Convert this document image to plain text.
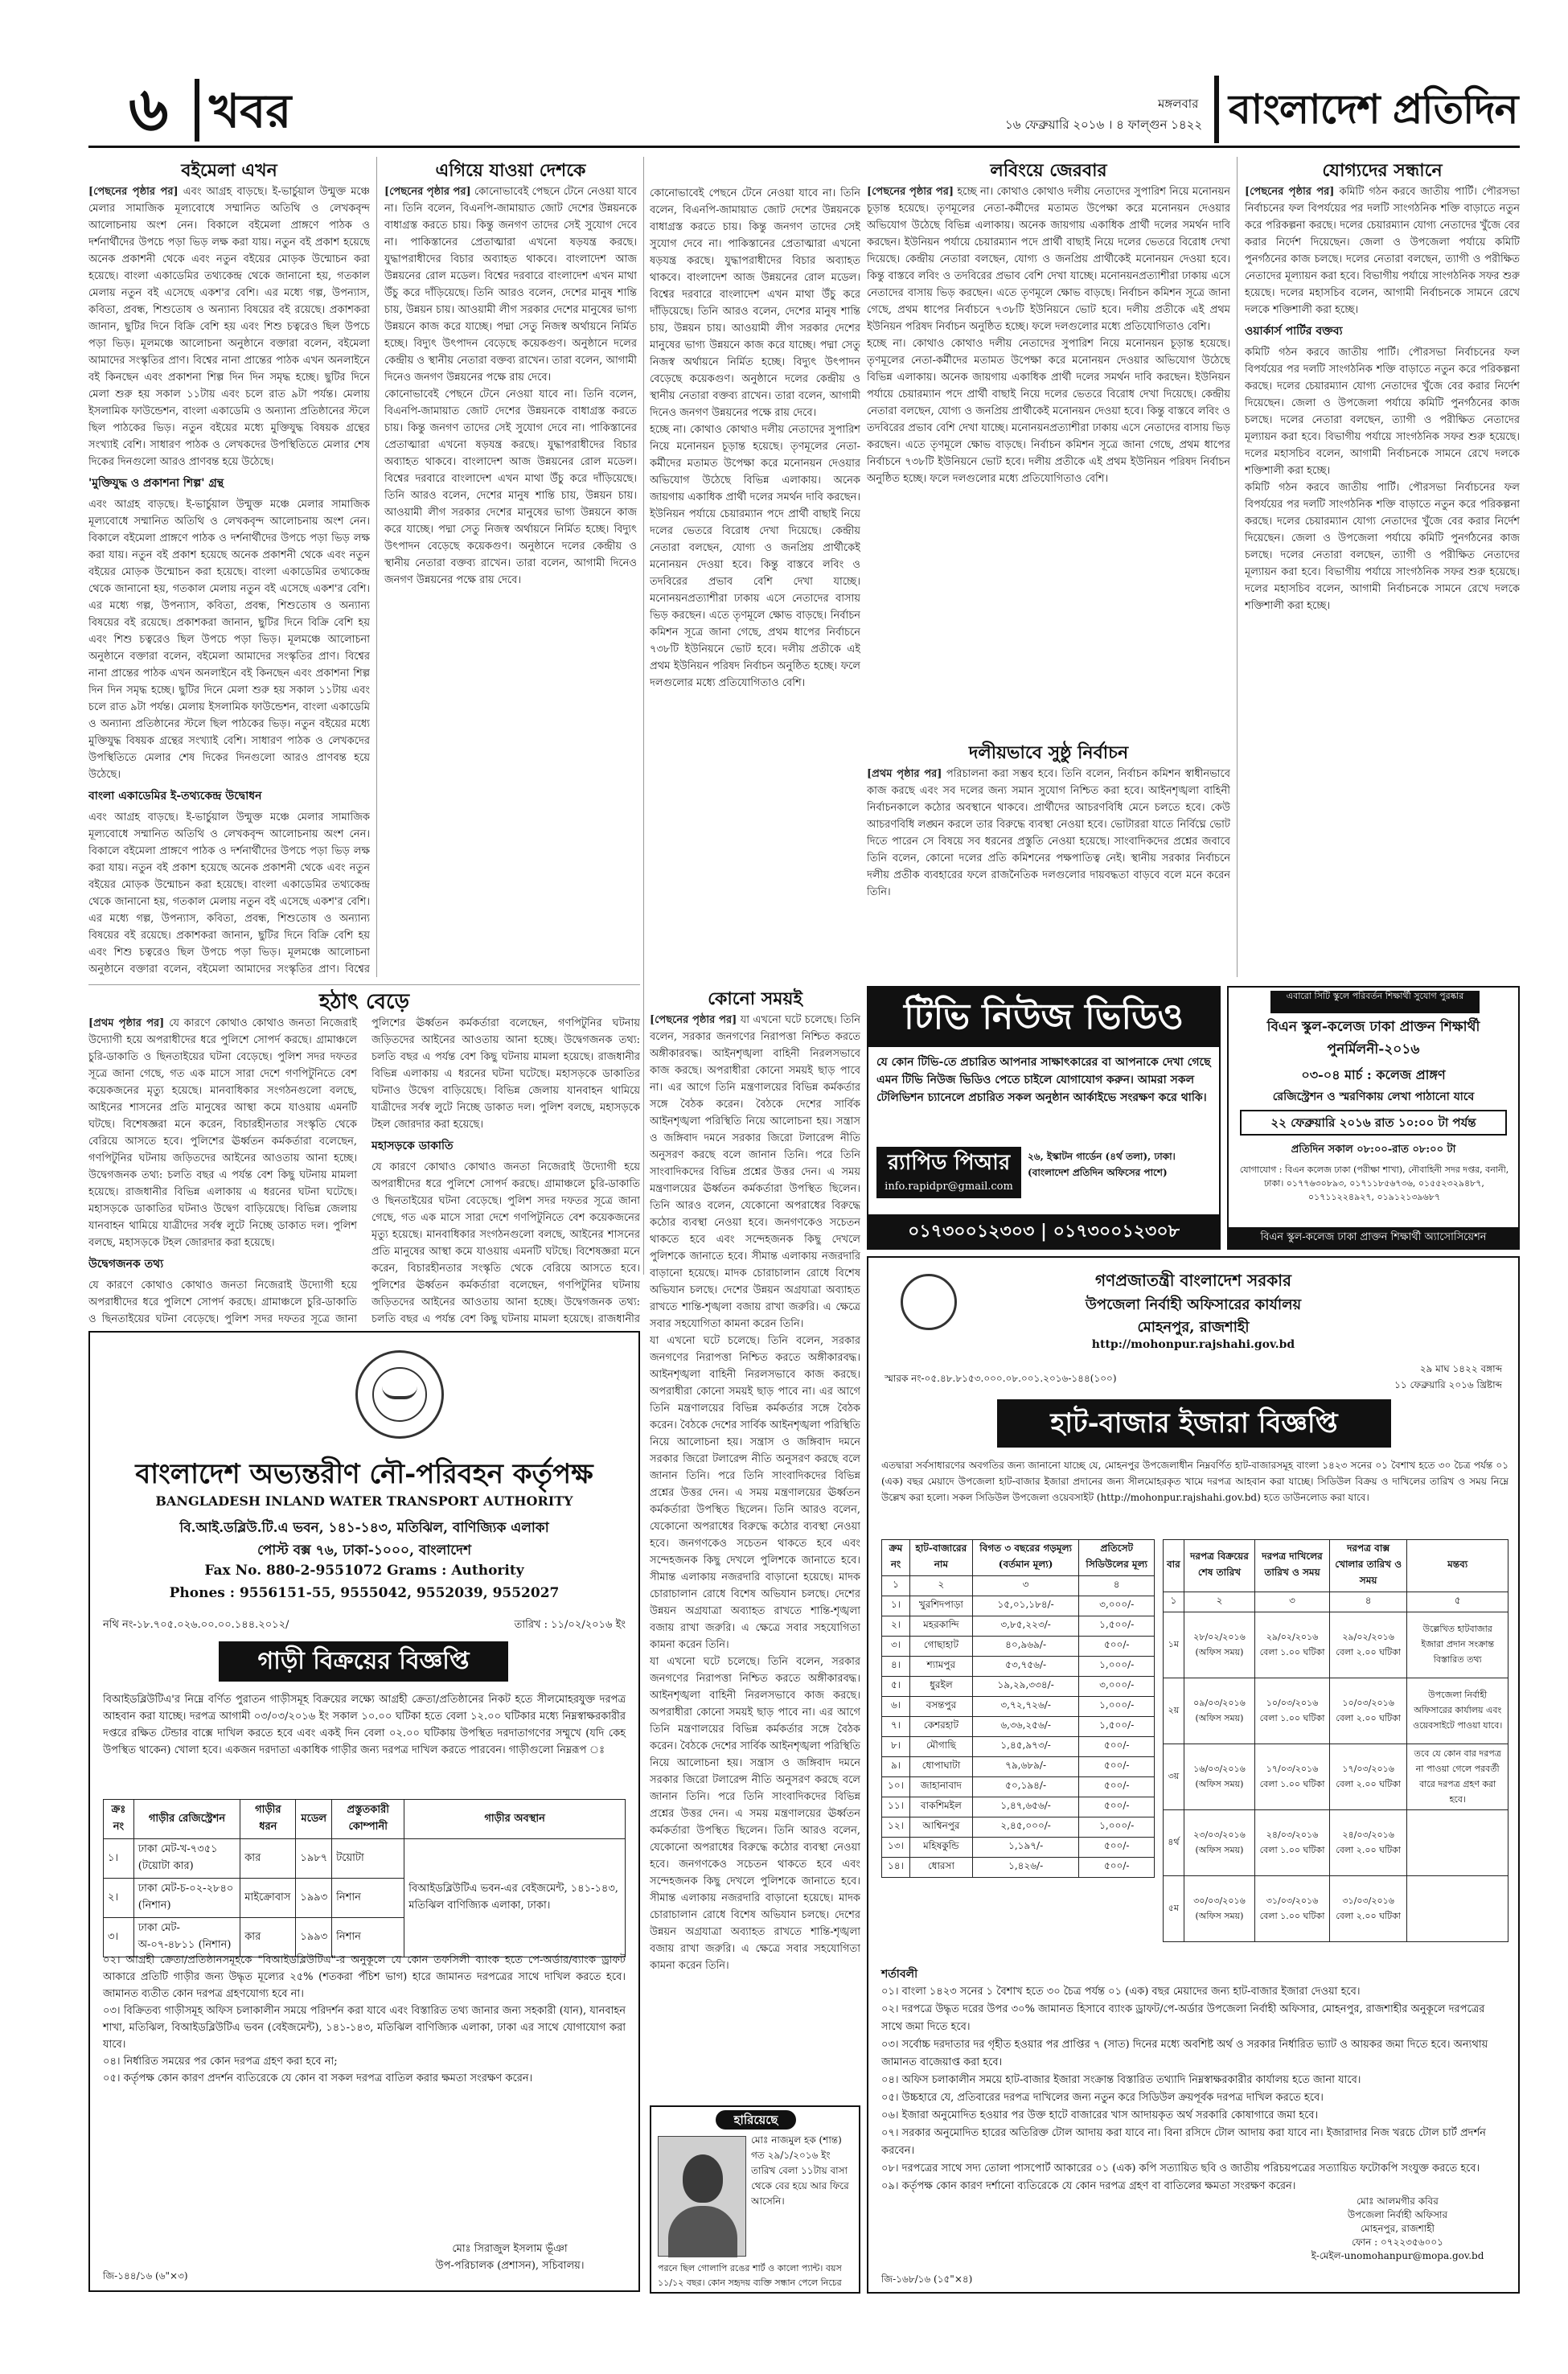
৬ খবর	মঙ্গলবার
১৬ ফেব্রুয়ারি ২০১৬ । ৪ ফাল্গুন ১৪২২ বাংলাদেশ প্রতিদিন
বইমেলা এখন

[পেছনের পৃষ্ঠার পর] এবং আগ্রহ বাড়ছে। ই-ভার্চুয়াল উন্মুক্ত মঞ্চে মেলার সামাজিক মূল্যবোধে সম্মানিত অতিথি ও লেখকবৃন্দ আলোচনায় অংশ নেন। বিকালে বইমেলা প্রাঙ্গণে পাঠক ও দর্শনার্থীদের উপচে পড়া ভিড় লক্ষ করা যায়। নতুন বই প্রকাশ হয়েছে অনেক প্রকাশনী থেকে এবং নতুন বইয়ের মোড়ক উন্মোচন করা হয়েছে। বাংলা একাডেমির তথ্যকেন্দ্র থেকে জানানো হয়, গতকাল মেলায় নতুন বই এসেছে একশ'র বেশি। এর মধ্যে গল্প, উপন্যাস, কবিতা, প্রবন্ধ, শিশুতোষ ও অন্যান্য বিষয়ের বই রয়েছে। প্রকাশকরা জানান, ছুটির দিনে বিক্রি বেশি হয় এবং শিশু চত্বরেও ছিল উপচে পড়া ভিড়। মূলমঞ্চে আলোচনা অনুষ্ঠানে বক্তারা বলেন, বইমেলা আমাদের সংস্কৃতির প্রাণ। বিশ্বের নানা প্রান্তের পাঠক এখন অনলাইনে বই কিনছেন এবং প্রকাশনা শিল্প দিন দিন সমৃদ্ধ হচ্ছে। ছুটির দিনে মেলা শুরু হয় সকাল ১১টায় এবং চলে রাত ৯টা পর্যন্ত। মেলায় ইসলামিক ফাউন্ডেশন, বাংলা একাডেমি ও অন্যান্য প্রতিষ্ঠানের স্টলে ছিল পাঠকের ভিড়। নতুন বইয়ের মধ্যে মুক্তিযুদ্ধ বিষয়ক গ্রন্থের সংখ্যাই বেশি। সাধারণ পাঠক ও লেখকদের উপস্থিতিতে মেলার শেষ দিকের দিনগুলো আরও প্রাণবন্ত হয়ে উঠেছে।

'মুক্তিযুদ্ধ ও প্রকাশনা শিল্প' গ্রন্থ

এবং আগ্রহ বাড়ছে। ই-ভার্চুয়াল উন্মুক্ত মঞ্চে মেলার সামাজিক মূল্যবোধে সম্মানিত অতিথি ও লেখকবৃন্দ আলোচনায় অংশ নেন। বিকালে বইমেলা প্রাঙ্গণে পাঠক ও দর্শনার্থীদের উপচে পড়া ভিড় লক্ষ করা যায়। নতুন বই প্রকাশ হয়েছে অনেক প্রকাশনী থেকে এবং নতুন বইয়ের মোড়ক উন্মোচন করা হয়েছে। বাংলা একাডেমির তথ্যকেন্দ্র থেকে জানানো হয়, গতকাল মেলায় নতুন বই এসেছে একশ'র বেশি। এর মধ্যে গল্প, উপন্যাস, কবিতা, প্রবন্ধ, শিশুতোষ ও অন্যান্য বিষয়ের বই রয়েছে। প্রকাশকরা জানান, ছুটির দিনে বিক্রি বেশি হয় এবং শিশু চত্বরেও ছিল উপচে পড়া ভিড়। মূলমঞ্চে আলোচনা অনুষ্ঠানে বক্তারা বলেন, বইমেলা আমাদের সংস্কৃতির প্রাণ। বিশ্বের নানা প্রান্তের পাঠক এখন অনলাইনে বই কিনছেন এবং প্রকাশনা শিল্প দিন দিন সমৃদ্ধ হচ্ছে। ছুটির দিনে মেলা শুরু হয় সকাল ১১টায় এবং চলে রাত ৯টা পর্যন্ত। মেলায় ইসলামিক ফাউন্ডেশন, বাংলা একাডেমি ও অন্যান্য প্রতিষ্ঠানের স্টলে ছিল পাঠকের ভিড়। নতুন বইয়ের মধ্যে মুক্তিযুদ্ধ বিষয়ক গ্রন্থের সংখ্যাই বেশি। সাধারণ পাঠক ও লেখকদের উপস্থিতিতে মেলার শেষ দিকের দিনগুলো আরও প্রাণবন্ত হয়ে উঠেছে।

বাংলা একাডেমির ই-তথ্যকেন্দ্র উদ্বোধন

এবং আগ্রহ বাড়ছে। ই-ভার্চুয়াল উন্মুক্ত মঞ্চে মেলার সামাজিক মূল্যবোধে সম্মানিত অতিথি ও লেখকবৃন্দ আলোচনায় অংশ নেন। বিকালে বইমেলা প্রাঙ্গণে পাঠক ও দর্শনার্থীদের উপচে পড়া ভিড় লক্ষ করা যায়। নতুন বই প্রকাশ হয়েছে অনেক প্রকাশনী থেকে এবং নতুন বইয়ের মোড়ক উন্মোচন করা হয়েছে। বাংলা একাডেমির তথ্যকেন্দ্র থেকে জানানো হয়, গতকাল মেলায় নতুন বই এসেছে একশ'র বেশি। এর মধ্যে গল্প, উপন্যাস, কবিতা, প্রবন্ধ, শিশুতোষ ও অন্যান্য বিষয়ের বই রয়েছে। প্রকাশকরা জানান, ছুটির দিনে বিক্রি বেশি হয় এবং শিশু চত্বরেও ছিল উপচে পড়া ভিড়। মূলমঞ্চে আলোচনা অনুষ্ঠানে বক্তারা বলেন, বইমেলা আমাদের সংস্কৃতির প্রাণ। বিশ্বের

এগিয়ে যাওয়া দেশকে

[পেছনের পৃষ্ঠার পর] কোনোভাবেই পেছনে টেনে নেওয়া যাবে না। তিনি বলেন, বিএনপি-জামায়াত জোট দেশের উন্নয়নকে বাধাগ্রস্ত করতে চায়। কিন্তু জনগণ তাদের সেই সুযোগ দেবে না। পাকিস্তানের প্রেতাত্মারা এখনো ষড়যন্ত্র করছে। যুদ্ধাপরাধীদের বিচার অব্যাহত থাকবে। বাংলাদেশ আজ উন্নয়নের রোল মডেল। বিশ্বের দরবারে বাংলাদেশ এখন মাথা উঁচু করে দাঁড়িয়েছে। তিনি আরও বলেন, দেশের মানুষ শান্তি চায়, উন্নয়ন চায়। আওয়ামী লীগ সরকার দেশের মানুষের ভাগ্য উন্নয়নে কাজ করে যাচ্ছে। পদ্মা সেতু নিজস্ব অর্থায়নে নির্মিত হচ্ছে। বিদ্যুৎ উৎপাদন বেড়েছে কয়েকগুণ। অনুষ্ঠানে দলের কেন্দ্রীয় ও স্থানীয় নেতারা বক্তব্য রাখেন। তারা বলেন, আগামী দিনেও জনগণ উন্নয়নের পক্ষে রায় দেবে।

কোনোভাবেই পেছনে টেনে নেওয়া যাবে না। তিনি বলেন, বিএনপি-জামায়াত জোট দেশের উন্নয়নকে বাধাগ্রস্ত করতে চায়। কিন্তু জনগণ তাদের সেই সুযোগ দেবে না। পাকিস্তানের প্রেতাত্মারা এখনো ষড়যন্ত্র করছে। যুদ্ধাপরাধীদের বিচার অব্যাহত থাকবে। বাংলাদেশ আজ উন্নয়নের রোল মডেল। বিশ্বের দরবারে বাংলাদেশ এখন মাথা উঁচু করে দাঁড়িয়েছে। তিনি আরও বলেন, দেশের মানুষ শান্তি চায়, উন্নয়ন চায়। আওয়ামী লীগ সরকার দেশের মানুষের ভাগ্য উন্নয়নে কাজ করে যাচ্ছে। পদ্মা সেতু নিজস্ব অর্থায়নে নির্মিত হচ্ছে। বিদ্যুৎ উৎপাদন বেড়েছে কয়েকগুণ। অনুষ্ঠানে দলের কেন্দ্রীয় ও স্থানীয় নেতারা বক্তব্য রাখেন। তারা বলেন, আগামী দিনেও জনগণ উন্নয়নের পক্ষে রায় দেবে।

লবিংয়ে জেরবার

[পেছনের পৃষ্ঠার পর] হচ্ছে না। কোথাও কোথাও দলীয় নেতাদের সুপারিশ নিয়ে মনোনয়ন চূড়ান্ত হয়েছে। তৃণমূলের নেতা-কর্মীদের মতামত উপেক্ষা করে মনোনয়ন দেওয়ার অভিযোগ উঠেছে বিভিন্ন এলাকায়। অনেক জায়গায় একাধিক প্রার্থী দলের সমর্থন দাবি করছেন। ইউনিয়ন পর্যায়ে চেয়ারম্যান পদে প্রার্থী বাছাই নিয়ে দলের ভেতরে বিরোধ দেখা দিয়েছে। কেন্দ্রীয় নেতারা বলছেন, যোগ্য ও জনপ্রিয় প্রার্থীকেই মনোনয়ন দেওয়া হবে। কিন্তু বাস্তবে লবিং ও তদবিরের প্রভাব বেশি দেখা যাচ্ছে। মনোনয়নপ্রত্যাশীরা ঢাকায় এসে নেতাদের বাসায় ভিড় করছেন। এতে তৃণমূলে ক্ষোভ বাড়ছে। নির্বাচন কমিশন সূত্রে জানা গেছে, প্রথম ধাপের নির্বাচনে ৭৩৮টি ইউনিয়নে ভোট হবে। দলীয় প্রতীকে এই প্রথম ইউনিয়ন পরিষদ নির্বাচন অনুষ্ঠিত হচ্ছে। ফলে দলগুলোর মধ্যে প্রতিযোগিতাও বেশি।

হচ্ছে না। কোথাও কোথাও দলীয় নেতাদের সুপারিশ নিয়ে মনোনয়ন চূড়ান্ত হয়েছে। তৃণমূলের নেতা-কর্মীদের মতামত উপেক্ষা করে মনোনয়ন দেওয়ার অভিযোগ উঠেছে বিভিন্ন এলাকায়। অনেক জায়গায় একাধিক প্রার্থী দলের সমর্থন দাবি করছেন। ইউনিয়ন পর্যায়ে চেয়ারম্যান পদে প্রার্থী বাছাই নিয়ে দলের ভেতরে বিরোধ দেখা দিয়েছে। কেন্দ্রীয় নেতারা বলছেন, যোগ্য ও জনপ্রিয় প্রার্থীকেই মনোনয়ন দেওয়া হবে। কিন্তু বাস্তবে লবিং ও তদবিরের প্রভাব বেশি দেখা যাচ্ছে। মনোনয়নপ্রত্যাশীরা ঢাকায় এসে নেতাদের বাসায় ভিড় করছেন। এতে তৃণমূলে ক্ষোভ বাড়ছে। নির্বাচন কমিশন সূত্রে জানা গেছে, প্রথম ধাপের নির্বাচনে ৭৩৮টি ইউনিয়নে ভোট হবে। দলীয় প্রতীকে এই প্রথম ইউনিয়ন পরিষদ নির্বাচন অনুষ্ঠিত হচ্ছে। ফলে দলগুলোর মধ্যে প্রতিযোগিতাও বেশি।

দলীয়ভাবে সুষ্ঠু নির্বাচন

[প্রথম পৃষ্ঠার পর] পরিচালনা করা সম্ভব হবে। তিনি বলেন, নির্বাচন কমিশন স্বাধীনভাবে কাজ করছে এবং সব দলের জন্য সমান সুযোগ নিশ্চিত করা হবে। আইনশৃঙ্খলা বাহিনী নির্বাচনকালে কঠোর অবস্থানে থাকবে। প্রার্থীদের আচরণবিধি মেনে চলতে হবে। কেউ আচরণবিধি লঙ্ঘন করলে তার বিরুদ্ধে ব্যবস্থা নেওয়া হবে। ভোটাররা যাতে নির্বিঘ্নে ভোট দিতে পারেন সে বিষয়ে সব ধরনের প্রস্তুতি নেওয়া হয়েছে। সাংবাদিকদের প্রশ্নের জবাবে তিনি বলেন, কোনো দলের প্রতি কমিশনের পক্ষপাতিত্ব নেই। স্থানীয় সরকার নির্বাচনে দলীয় প্রতীক ব্যবহারের ফলে রাজনৈতিক দলগুলোর দায়বদ্ধতা বাড়বে বলে মনে করেন তিনি।

কোনোভাবেই পেছনে টেনে নেওয়া যাবে না। তিনি বলেন, বিএনপি-জামায়াত জোট দেশের উন্নয়নকে বাধাগ্রস্ত করতে চায়। কিন্তু জনগণ তাদের সেই সুযোগ দেবে না। পাকিস্তানের প্রেতাত্মারা এখনো ষড়যন্ত্র করছে। যুদ্ধাপরাধীদের বিচার অব্যাহত থাকবে। বাংলাদেশ আজ উন্নয়নের রোল মডেল। বিশ্বের দরবারে বাংলাদেশ এখন মাথা উঁচু করে দাঁড়িয়েছে। তিনি আরও বলেন, দেশের মানুষ শান্তি চায়, উন্নয়ন চায়। আওয়ামী লীগ সরকার দেশের মানুষের ভাগ্য উন্নয়নে কাজ করে যাচ্ছে। পদ্মা সেতু নিজস্ব অর্থায়নে নির্মিত হচ্ছে। বিদ্যুৎ উৎপাদন বেড়েছে কয়েকগুণ। অনুষ্ঠানে দলের কেন্দ্রীয় ও স্থানীয় নেতারা বক্তব্য রাখেন। তারা বলেন, আগামী দিনেও জনগণ উন্নয়নের পক্ষে রায় দেবে।

হচ্ছে না। কোথাও কোথাও দলীয় নেতাদের সুপারিশ নিয়ে মনোনয়ন চূড়ান্ত হয়েছে। তৃণমূলের নেতা-কর্মীদের মতামত উপেক্ষা করে মনোনয়ন দেওয়ার অভিযোগ উঠেছে বিভিন্ন এলাকায়। অনেক জায়গায় একাধিক প্রার্থী দলের সমর্থন দাবি করছেন। ইউনিয়ন পর্যায়ে চেয়ারম্যান পদে প্রার্থী বাছাই নিয়ে দলের ভেতরে বিরোধ দেখা দিয়েছে। কেন্দ্রীয় নেতারা বলছেন, যোগ্য ও জনপ্রিয় প্রার্থীকেই মনোনয়ন দেওয়া হবে। কিন্তু বাস্তবে লবিং ও তদবিরের প্রভাব বেশি দেখা যাচ্ছে। মনোনয়নপ্রত্যাশীরা ঢাকায় এসে নেতাদের বাসায় ভিড় করছেন। এতে তৃণমূলে ক্ষোভ বাড়ছে। নির্বাচন কমিশন সূত্রে জানা গেছে, প্রথম ধাপের নির্বাচনে ৭৩৮টি ইউনিয়নে ভোট হবে। দলীয় প্রতীকে এই প্রথম ইউনিয়ন পরিষদ নির্বাচন অনুষ্ঠিত হচ্ছে। ফলে দলগুলোর মধ্যে প্রতিযোগিতাও বেশি।

যোগ্যদের সন্ধানে

[পেছনের পৃষ্ঠার পর] কমিটি গঠন করবে জাতীয় পার্টি। পৌরসভা নির্বাচনের ফল বিপর্যয়ের পর দলটি সাংগঠনিক শক্তি বাড়াতে নতুন করে পরিকল্পনা করছে। দলের চেয়ারম্যান যোগ্য নেতাদের খুঁজে বের করার নির্দেশ দিয়েছেন। জেলা ও উপজেলা পর্যায়ে কমিটি পুনর্গঠনের কাজ চলছে। দলের নেতারা বলছেন, ত্যাগী ও পরীক্ষিত নেতাদের মূল্যায়ন করা হবে। বিভাগীয় পর্যায়ে সাংগঠনিক সফর শুরু হয়েছে। দলের মহাসচিব বলেন, আগামী নির্বাচনকে সামনে রেখে দলকে শক্তিশালী করা হচ্ছে।

ওয়ার্কার্স পার্টির বক্তব্য

কমিটি গঠন করবে জাতীয় পার্টি। পৌরসভা নির্বাচনের ফল বিপর্যয়ের পর দলটি সাংগঠনিক শক্তি বাড়াতে নতুন করে পরিকল্পনা করছে। দলের চেয়ারম্যান যোগ্য নেতাদের খুঁজে বের করার নির্দেশ দিয়েছেন। জেলা ও উপজেলা পর্যায়ে কমিটি পুনর্গঠনের কাজ চলছে। দলের নেতারা বলছেন, ত্যাগী ও পরীক্ষিত নেতাদের মূল্যায়ন করা হবে। বিভাগীয় পর্যায়ে সাংগঠনিক সফর শুরু হয়েছে। দলের মহাসচিব বলেন, আগামী নির্বাচনকে সামনে রেখে দলকে শক্তিশালী করা হচ্ছে।

কমিটি গঠন করবে জাতীয় পার্টি। পৌরসভা নির্বাচনের ফল বিপর্যয়ের পর দলটি সাংগঠনিক শক্তি বাড়াতে নতুন করে পরিকল্পনা করছে। দলের চেয়ারম্যান যোগ্য নেতাদের খুঁজে বের করার নির্দেশ দিয়েছেন। জেলা ও উপজেলা পর্যায়ে কমিটি পুনর্গঠনের কাজ চলছে। দলের নেতারা বলছেন, ত্যাগী ও পরীক্ষিত নেতাদের মূল্যায়ন করা হবে। বিভাগীয় পর্যায়ে সাংগঠনিক সফর শুরু হয়েছে। দলের মহাসচিব বলেন, আগামী নির্বাচনকে সামনে রেখে দলকে শক্তিশালী করা হচ্ছে।

হঠাৎ বেড়ে

[প্রথম পৃষ্ঠার পর] যে কারণে কোথাও কোথাও জনতা নিজেরাই উদ্যোগী হয়ে অপরাধীদের ধরে পুলিশে সোপর্দ করছে। গ্রামাঞ্চলে চুরি-ডাকাতি ও ছিনতাইয়ের ঘটনা বেড়েছে। পুলিশ সদর দফতর সূত্রে জানা গেছে, গত এক মাসে সারা দেশে গণপিটুনিতে বেশ কয়েকজনের মৃত্যু হয়েছে। মানবাধিকার সংগঠনগুলো বলছে, আইনের শাসনের প্রতি মানুষের আস্থা কমে যাওয়ায় এমনটি ঘটছে। বিশেষজ্ঞরা মনে করেন, বিচারহীনতার সংস্কৃতি থেকে বেরিয়ে আসতে হবে। পুলিশের ঊর্ধ্বতন কর্মকর্তারা বলেছেন, গণপিটুনির ঘটনায় জড়িতদের আইনের আওতায় আনা হচ্ছে। উদ্বেগজনক তথ্য: চলতি বছর এ পর্যন্ত বেশ কিছু ঘটনায় মামলা হয়েছে। রাজধানীর বিভিন্ন এলাকায় এ ধরনের ঘটনা ঘটেছে। মহাসড়কে ডাকাতির ঘটনাও উদ্বেগ বাড়িয়েছে। বিভিন্ন জেলায় যানবাহন থামিয়ে যাত্রীদের সর্বস্ব লুটে নিচ্ছে ডাকাত দল। পুলিশ বলছে, মহাসড়কে টহল জোরদার করা হয়েছে।

উদ্বেগজনক তথ্য

যে কারণে কোথাও কোথাও জনতা নিজেরাই উদ্যোগী হয়ে অপরাধীদের ধরে পুলিশে সোপর্দ করছে। গ্রামাঞ্চলে চুরি-ডাকাতি ও ছিনতাইয়ের ঘটনা বেড়েছে। পুলিশ সদর দফতর সূত্রে জানা পুলিশের ঊর্ধ্বতন কর্মকর্তারা বলেছেন, গণপিটুনির ঘটনায় জড়িতদের আইনের আওতায় আনা হচ্ছে। উদ্বেগজনক তথ্য: চলতি বছর এ পর্যন্ত বেশ কিছু ঘটনায় মামলা হয়েছে। রাজধানীর বিভিন্ন এলাকায় এ ধরনের ঘটনা ঘটেছে। মহাসড়কে ডাকাতির ঘটনাও উদ্বেগ বাড়িয়েছে। বিভিন্ন জেলায় যানবাহন থামিয়ে যাত্রীদের সর্বস্ব লুটে নিচ্ছে ডাকাত দল। পুলিশ বলছে, মহাসড়কে টহল জোরদার করা হয়েছে।

মহাসড়কে ডাকাতি

যে কারণে কোথাও কোথাও জনতা নিজেরাই উদ্যোগী হয়ে অপরাধীদের ধরে পুলিশে সোপর্দ করছে। গ্রামাঞ্চলে চুরি-ডাকাতি ও ছিনতাইয়ের ঘটনা বেড়েছে। পুলিশ সদর দফতর সূত্রে জানা গেছে, গত এক মাসে সারা দেশে গণপিটুনিতে বেশ কয়েকজনের মৃত্যু হয়েছে। মানবাধিকার সংগঠনগুলো বলছে, আইনের শাসনের প্রতি মানুষের আস্থা কমে যাওয়ায় এমনটি ঘটছে। বিশেষজ্ঞরা মনে করেন, বিচারহীনতার সংস্কৃতি থেকে বেরিয়ে আসতে হবে। পুলিশের ঊর্ধ্বতন কর্মকর্তারা বলেছেন, গণপিটুনির ঘটনায় জড়িতদের আইনের আওতায় আনা হচ্ছে। উদ্বেগজনক তথ্য: চলতি বছর এ পর্যন্ত বেশ কিছু ঘটনায় মামলা হয়েছে। রাজধানীর

কোনো সময়ই

[পেছনের পৃষ্ঠার পর] যা এখনো ঘটে চলেছে। তিনি বলেন, সরকার জনগণের নিরাপত্তা নিশ্চিত করতে অঙ্গীকারবদ্ধ। আইনশৃঙ্খলা বাহিনী নিরলসভাবে কাজ করছে। অপরাধীরা কোনো সময়ই ছাড় পাবে না। এর আগে তিনি মন্ত্রণালয়ের বিভিন্ন কর্মকর্তার সঙ্গে বৈঠক করেন। বৈঠকে দেশের সার্বিক আইনশৃঙ্খলা পরিস্থিতি নিয়ে আলোচনা হয়। সন্ত্রাস ও জঙ্গিবাদ দমনে সরকার জিরো টলারেন্স নীতি অনুসরণ করছে বলে জানান তিনি। পরে তিনি সাংবাদিকদের বিভিন্ন প্রশ্নের উত্তর দেন। এ সময় মন্ত্রণালয়ের ঊর্ধ্বতন কর্মকর্তারা উপস্থিত ছিলেন। তিনি আরও বলেন, যেকোনো অপরাধের বিরুদ্ধে কঠোর ব্যবস্থা নেওয়া হবে। জনগণকেও সচেতন থাকতে হবে এবং সন্দেহজনক কিছু দেখলে পুলিশকে জানাতে হবে। সীমান্ত এলাকায় নজরদারি বাড়ানো হয়েছে। মাদক চোরাচালান রোধে বিশেষ অভিযান চলছে। দেশের উন্নয়ন অগ্রযাত্রা অব্যাহত রাখতে শান্তি-শৃঙ্খলা বজায় রাখা জরুরি। এ ক্ষেত্রে সবার সহযোগিতা কামনা করেন তিনি।

যা এখনো ঘটে চলেছে। তিনি বলেন, সরকার জনগণের নিরাপত্তা নিশ্চিত করতে অঙ্গীকারবদ্ধ। আইনশৃঙ্খলা বাহিনী নিরলসভাবে কাজ করছে। অপরাধীরা কোনো সময়ই ছাড় পাবে না। এর আগে তিনি মন্ত্রণালয়ের বিভিন্ন কর্মকর্তার সঙ্গে বৈঠক করেন। বৈঠকে দেশের সার্বিক আইনশৃঙ্খলা পরিস্থিতি নিয়ে আলোচনা হয়। সন্ত্রাস ও জঙ্গিবাদ দমনে সরকার জিরো টলারেন্স নীতি অনুসরণ করছে বলে জানান তিনি। পরে তিনি সাংবাদিকদের বিভিন্ন প্রশ্নের উত্তর দেন। এ সময় মন্ত্রণালয়ের ঊর্ধ্বতন কর্মকর্তারা উপস্থিত ছিলেন। তিনি আরও বলেন, যেকোনো অপরাধের বিরুদ্ধে কঠোর ব্যবস্থা নেওয়া হবে। জনগণকেও সচেতন থাকতে হবে এবং সন্দেহজনক কিছু দেখলে পুলিশকে জানাতে হবে। সীমান্ত এলাকায় নজরদারি বাড়ানো হয়েছে। মাদক চোরাচালান রোধে বিশেষ অভিযান চলছে। দেশের উন্নয়ন অগ্রযাত্রা অব্যাহত রাখতে শান্তি-শৃঙ্খলা বজায় রাখা জরুরি। এ ক্ষেত্রে সবার সহযোগিতা কামনা করেন তিনি।

যা এখনো ঘটে চলেছে। তিনি বলেন, সরকার জনগণের নিরাপত্তা নিশ্চিত করতে অঙ্গীকারবদ্ধ। আইনশৃঙ্খলা বাহিনী নিরলসভাবে কাজ করছে। অপরাধীরা কোনো সময়ই ছাড় পাবে না। এর আগে তিনি মন্ত্রণালয়ের বিভিন্ন কর্মকর্তার সঙ্গে বৈঠক করেন। বৈঠকে দেশের সার্বিক আইনশৃঙ্খলা পরিস্থিতি নিয়ে আলোচনা হয়। সন্ত্রাস ও জঙ্গিবাদ দমনে সরকার জিরো টলারেন্স নীতি অনুসরণ করছে বলে জানান তিনি। পরে তিনি সাংবাদিকদের বিভিন্ন প্রশ্নের উত্তর দেন। এ সময় মন্ত্রণালয়ের ঊর্ধ্বতন কর্মকর্তারা উপস্থিত ছিলেন। তিনি আরও বলেন, যেকোনো অপরাধের বিরুদ্ধে কঠোর ব্যবস্থা নেওয়া হবে। জনগণকেও সচেতন থাকতে হবে এবং সন্দেহজনক কিছু দেখলে পুলিশকে জানাতে হবে। সীমান্ত এলাকায় নজরদারি বাড়ানো হয়েছে। মাদক চোরাচালান রোধে বিশেষ অভিযান চলছে। দেশের উন্নয়ন অগ্রযাত্রা অব্যাহত রাখতে শান্তি-শৃঙ্খলা বজায় রাখা জরুরি। এ ক্ষেত্রে সবার সহযোগিতা কামনা করেন তিনি।

বাংলাদেশ অভ্যন্তরীণ নৌ-পরিবহন কর্তৃপক্ষ
BANGLADESH INLAND WATER TRANSPORT AUTHORITY
বি.আই.ডব্লিউ.টি.এ ভবন, ১৪১-১৪৩, মতিঝিল, বাণিজ্যিক এলাকা
পোস্ট বক্স ৭৬, ঢাকা-১০০০, বাংলাদেশ
Fax No. 880-2-9551072 Grams : Authority
Phones : 9556151-55, 9555042, 9552039, 9552027
নথি নং-১৮.৭০৫.০২৬.০০.০০.১৪৪.২০১২/	তারিখ : ১১/০২/২০১৬ ইং
গাড়ী বিক্রয়ের বিজ্ঞপ্তি
বিআইডব্লিউটিএ'র নিম্নে বর্ণিত পুরাতন গাড়ীসমূহ বিক্রয়ের লক্ষ্যে আগ্রহী ক্রেতা/প্রতিষ্ঠানের নিকট হতে সীলমোহরযুক্ত দরপত্র আহবান করা যাচ্ছে। দরপত্র আগামী ০৩/০৩/২০১৬ ইং সকাল ১০.০০ ঘটিকা হতে বেলা ১২.০০ ঘটিকার মধ্যে নিম্নস্বাক্ষরকারীর দপ্তরে রক্ষিত টেন্ডার বাক্সে দাখিল করতে হবে এবং একই দিন বেলা ০২.০০ ঘটিকায় উপস্থিত দরদাতাগণের সম্মুখে (যদি কেহ উপস্থিত থাকেন) খোলা হবে। একজন দরদাতা একাধিক গাড়ীর জন্য দরপত্র দাখিল করতে পারবেন। গাড়ীগুলো নিম্নরূপ ঃ
ক্রঃ নং	গাড়ীর রেজিস্ট্রেশন	গাড়ীর ধরন	মডেল	প্রস্তুতকারী কোম্পানী	গাড়ীর অবস্থান
১।	ঢাকা মেট-খ-৭৩৫১ (টয়োটা কার)	কার	১৯৮৭	টয়োটা	বিআইডব্লিউটিএ ভবন-এর বেইজমেন্ট, ১৪১-১৪৩, মতিঝিল বাণিজ্যিক এলাকা, ঢাকা।
২।	ঢাকা মেট-চ-০২-২৮৪০ (নিশান)	মাইক্রোবাস	১৯৯৩	নিশান	
৩।	ঢাকা মেট-অ-০৭-৪৮১১ (নিশান)	কার	১৯৯৩	নিশান	

০২। আগ্রহী ক্রেতা/প্রতিষ্ঠানসমূহকে "বিআইডব্লিউটিএ"-র অনুকূলে যে কোন তফসিলী ব্যাংক হতে পে-অর্ডার/ব্যাংক ড্রাফট আকারে প্রতিটি গাড়ীর জন্য উদ্ধৃত মূল্যের ২৫% (শতকরা পঁচিশ ভাগ) হারে জামানত দরপত্রের সাথে দাখিল করতে হবে। জামানত ব্যতীত কোন দরপত্র গ্রহণযোগ্য হবে না।

০৩। বিক্রিতব্য গাড়ীসমূহ অফিস চলাকালীন সময়ে পরিদর্শন করা যাবে এবং বিস্তারিত তথ্য জানার জন্য সহকারী (যান), যানবাহন শাখা, মতিঝিল, বিআইডব্লিউটিএ ভবন (বেইজমেন্ট), ১৪১-১৪৩, মতিঝিল বাণিজ্যিক এলাকা, ঢাকা এর সাথে যোগাযোগ করা যাবে।

০৪। নির্ধারিত সময়ের পর কোন দরপত্র গ্রহণ করা হবে না;

০৫। কর্তৃপক্ষ কোন কারণ প্রদর্শন ব্যতিরেকে যে কোন বা সকল দরপত্র বাতিল করার ক্ষমতা সংরক্ষণ করেন।

মোঃ সিরাজুল ইসলাম ভূঁঞা
উপ-পরিচালক (প্রশাসন), সচিবালয়।
জি-১৪৪/১৬ (৬"×৩)
টিভি নিউজ ভিডিও
যে কোন টিভি-তে প্রচারিত আপনার সাক্ষাৎকারের বা আপনাকে দেখা গেছে এমন টিভি নিউজ ভিডিও পেতে চাইলে যোগাযোগ করুন। আমরা সকল টেলিভিশন চ্যানেলে প্রচারিত সকল অনুষ্ঠান আর্কাইভে সংরক্ষণ করে থাকি।
র‍্যাপিড পিআর
info.rapidpr@gmail.com
২৬, ইস্কাটন গার্ডেন (৪র্থ তলা), ঢাকা। (বাংলাদেশ প্রতিদিন অফিসের পাশে)
০১৭৩০০১২৩০৩ | ০১৭৩০০১২৩০৮
এবারো সিটি স্কুলে পরিবর্তন শিক্ষার্থী সুযোগ পুরষ্কার
বিএন স্কুল-কলেজ ঢাকা প্রাক্তন শিক্ষার্থী পুনর্মিলনী-২০১৬
০৩-০৪ মার্চ : কলেজ প্রাঙ্গণ
রেজিস্ট্রেশন ও স্মরণিকায় লেখা পাঠানো যাবে
২২ ফেব্রুয়ারি ২০১৬ রাত ১০:০০ টা পর্যন্ত
প্রতিদিন সকাল ০৮:০০-রাত ০৮:০০ টা
যোগাযোগ : বিএন কলেজ ঢাকা (পরীক্ষা শাখা), নৌবাহিনী সদর দপ্তর, বনানী, ঢাকা। ০১৭৭৬৩০৮৯৩, ০১৭১১৮৫৬৭৩৬, ০১৫৫২৩২৯৪৮৭, ০১৭১১২২৪৯২৭, ০১৯১২১৩৯৬৮৭
বিএন স্কুল-কলেজ ঢাকা প্রাক্তন শিক্ষার্থী অ্যাসোসিয়েশন
গণপ্রজাতন্ত্রী বাংলাদেশ সরকার
উপজেলা নির্বাহী অফিসারের কার্যালয়
মোহনপুর, রাজশাহী
http://mohonpur.rajshahi.gov.bd
স্মারক নং-০৫.৪৮.৮১৫৩.০০০.০৮.০০১.২০১৬-১৪৪(১০০)
২৯ মাঘ ১৪২২ বঙ্গাব্দ
১১ ফেব্রুয়ারি ২০১৬ খ্রিষ্টাব্দ
হাট-বাজার ইজারা বিজ্ঞপ্তি
এতদ্বারা সর্বসাধারণের অবগতির জন্য জানানো যাচ্ছে যে, মোহনপুর উপজেলাধীন নিম্নবর্ণিত হাট-বাজারসমূহ বাংলা ১৪২৩ সনের ০১ বৈশাখ হতে ৩০ চৈত্র পর্যন্ত ০১ (এক) বছর মেয়াদে উপজেলা হাট-বাজার ইজারা প্রদানের জন্য সীলমোহরকৃত খামে দরপত্র আহবান করা যাচ্ছে। সিডিউল বিক্রয় ও দাখিলের তারিখ ও সময় নিম্নে উল্লেখ করা হলো। সকল সিডিউল উপজেলা ওয়েবসাইট (http://mohonpur.rajshahi.gov.bd) হতে ডাউনলোড করা যাবে।
ক্রম নং	হাট-বাজারের নাম	বিগত ৩ বছরের গড়মূল্য (বর্তমান মূল্য)	প্রতিসেট সিডিউলের মূল্য
১	২	৩	৪
১।	খুরশিদপাড়া	১৫,০১,১৮৪/-	৩,০০০/-
২।	মহরকান্দি	৩,৮৫,২২৩/-	১,৫০০/-
৩।	গোছাহাট	৪০,৯৬৯/-	৫০০/-
৪।	শ্যামপুর	৫৩,৭৫৬/-	১,০০০/-
৫।	ধুরইল	১৯,২৯,৩৩৪/-	৩,০০০/-
৬।	বসন্তপুর	৩,৭২,৭২৬/-	১,০০০/-
৭।	কেশরহাট	৬,৩৬,২৫৬/-	১,৫০০/-
৮।	মৌগাছি	১,৪৫,৯৭৩/-	৫০০/-
৯।	ধোপাঘাটা	৭৯,৬৮৯/-	৫০০/-
১০।	জাহানাবাদ	৫০,১৯৪/-	৫০০/-
১১।	বাকশিমইল	১,৪৭,৬৫৬/-	৫০০/-
১২।	আশ্বিনপুর	২,৪৫,০০০/-	১,০০০/-
১৩।	মহিষকুন্ডি	১,১৯৭/-	৫০০/-
১৪।	ধোরসা	১,৪২৬/-	৫০০/-
বার	দরপত্র বিক্রয়ের শেষ তারিখ	দরপত্র দাখিলের তারিখ ও সময়	দরপত্র বাক্স খোলার তারিখ ও সময়	মন্তব্য
১	২	৩	৪	৫
১ম	২৮/০২/২০১৬ (অফিস সময়)	২৯/০২/২০১৬ বেলা ১.০০ ঘটিকা	২৯/০২/২০১৬ বেলা ২.০০ ঘটিকা	উল্লেখিত হাটবাজার ইজারা প্রদান সংক্রান্ত বিস্তারিত তথ্য
২য়	০৯/০৩/২০১৬ (অফিস সময়)	১০/০৩/২০১৬ বেলা ১.০০ ঘটিকা	১০/০৩/২০১৬ বেলা ২.০০ ঘটিকা	উপজেলা নির্বাহী অফিসারের কার্যালয় এবং ওয়েবসাইটে পাওয়া যাবে।
৩য়	১৬/০৩/২০১৬ (অফিস সময়)	১৭/০৩/২০১৬ বেলা ১.০০ ঘটিকা	১৭/০৩/২০১৬ বেলা ২.০০ ঘটিকা	তবে যে কোন বার দরপত্র না পাওয়া গেলে পরবর্তী বারে দরপত্র গ্রহণ করা হবে।
৪র্থ	২৩/০৩/২০১৬ (অফিস সময়)	২৪/০৩/২০১৬ বেলা ১.০০ ঘটিকা	২৪/০৩/২০১৬ বেলা ২.০০ ঘটিকা	
৫ম	৩০/০৩/২০১৬ (অফিস সময়)	৩১/০৩/২০১৬ বেলা ১.০০ ঘটিকা	৩১/০৩/২০১৬ বেলা ২.০০ ঘটিকা	
শর্তাবলী
০১। বাংলা ১৪২৩ সনের ১ বৈশাখ হতে ৩০ চৈত্র পর্যন্ত ০১ (এক) বছর মেয়াদের জন্য হাট-বাজার ইজারা দেওয়া হবে।
০২। দরপত্রে উদ্ধৃত দরের উপর ৩০% জামানত হিসাবে ব্যাংক ড্রাফট/পে-অর্ডার উপজেলা নির্বাহী অফিসার, মোহনপুর, রাজশাহীর অনুকূলে দরপত্রের সাথে জমা দিতে হবে।
০৩। সর্বোচ্চ দরদাতার দর গৃহীত হওয়ার পর প্রাপ্তির ৭ (সাত) দিনের মধ্যে অবশিষ্ট অর্থ ও সরকার নির্ধারিত ভ্যাট ও আয়কর জমা দিতে হবে। অন্যথায় জামানত বাজেয়াপ্ত করা হবে।
০৪। অফিস চলাকালীন সময়ে হাট-বাজার ইজারা সংক্রান্ত বিস্তারিত তথ্যাদি নিম্নস্বাক্ষরকারীর কার্যালয় হতে জানা যাবে।
০৫। উচ্চহারে যে, প্রতিবারের দরপত্র দাখিলের জন্য নতুন করে সিডিউল ক্রয়পূর্বক দরপত্র দাখিল করতে হবে।
০৬। ইজারা অনুমোদিত হওয়ার পর উক্ত হাটে বাজারের খাস আদায়কৃত অর্থ সরকারি কোষাগারে জমা হবে।
০৭। সরকার অনুমোদিত হারের অতিরিক্ত টোল আদায় করা যাবে না। বিনা রসিদে টোল আদায় করা যাবে না। ইজারাদার নিজ খরচে টোল চার্ট প্রদর্শন করবেন।
০৮। দরপত্রের সাথে সদ্য তোলা পাসপোর্ট আকারের ০১ (এক) কপি সত্যায়িত ছবি ও জাতীয় পরিচয়পত্রের সত্যায়িত ফটোকপি সংযুক্ত করতে হবে।
০৯। কর্তৃপক্ষ কোন কারণ দর্শানো ব্যতিরেকে যে কোন দরপত্র গ্রহণ বা বাতিলের ক্ষমতা সংরক্ষণ করেন।
মোঃ আলমগীর কবির
উপজেলা নির্বাহী অফিসার
মোহনপুর, রাজশাহী
ফোন : ০৭২২৩৫৬০০১
ই-মেইল-unomohanpur@mopa.gov.bd
জি-১৬৮/১৬ (১৫"×৪)
হারিয়েছে
মোঃ নাজমুল হক (শান্ত) গত ২৯/১/২০১৬ ইং তারিখ বেলা ১১টায় বাসা থেকে বের হয়ে আর ফিরে আসেনি।
পরনে ছিল গোলাপি রঙের শার্ট ও কালো প্যান্ট। বয়স ১১/১২ বছর। কোন সহৃদয় ব্যক্তি সন্ধান পেলে নিচের
